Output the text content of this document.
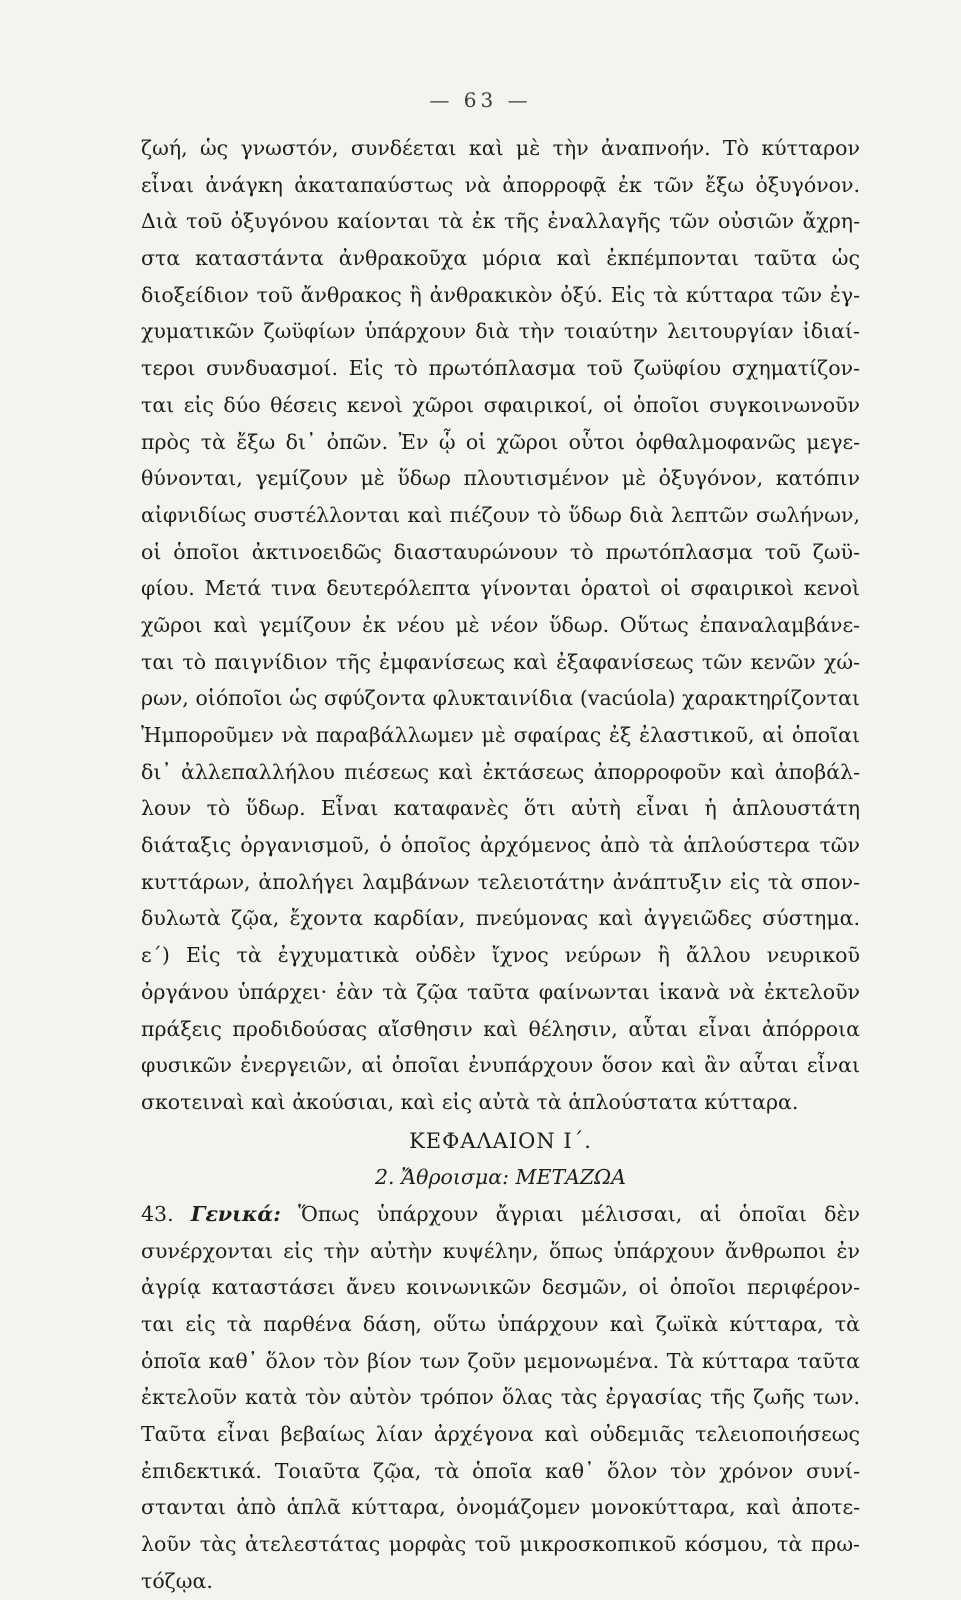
— 63 —
ζωή, ὡς γνωστόν, συνδέεται καὶ μὲ τὴν ἀναπνοήν. Τὸ κύτταρον
εἶναι ἀνάγκη ἀκαταπαύστως νὰ ἀπορροφᾷ ἐκ τῶν ἔξω ὀξυγόνον.
Διὰ τοῦ ὀξυγόνου καίονται τὰ ἐκ τῆς ἐναλλαγῆς τῶν οὐσιῶν ἄχρη-
στα καταστάντα ἀνθρακοῦχα μόρια καὶ ἐκπέμπονται ταῦτα ὡς
διοξείδιον τοῦ ἄνθρακος ἢ ἀνθρακικὸν ὀξύ. Εἰς τὰ κύτταρα τῶν ἐγ-
χυματικῶν ζωϋφίων ὑπάρχουν διὰ τὴν τοιαύτην λειτουργίαν ἰδιαί-
τεροι συνδυασμοί. Εἰς τὸ πρωτόπλασμα τοῦ ζωϋφίου σχηματίζον-
ται εἰς δύο θέσεις κενοὶ χῶροι σφαιρικοί, οἱ ὁποῖοι συγκοινωνοῦν
πρὸς τὰ ἔξω δι᾽ ὀπῶν. Ἐν ᾧ οἱ χῶροι οὗτοι ὀφθαλμοφανῶς μεγε-
θύνονται, γεμίζουν μὲ ὕδωρ πλουτισμένον μὲ ὀξυγόνον, κατόπιν
αἰφνιδίως συστέλλονται καὶ πιέζουν τὸ ὕδωρ διὰ λεπτῶν σωλήνων,
οἱ ὁποῖοι ἀκτινοειδῶς διασταυρώνουν τὸ πρωτόπλασμα τοῦ ζωϋ-
φίου. Μετά τινα δευτερόλεπτα γίνονται ὁρατοὶ οἱ σφαιρικοὶ κενοὶ
χῶροι καὶ γεμίζουν ἐκ νέου μὲ νέον ὕδωρ. Οὕτως ἐπαναλαμβάνε-
ται τὸ παιγνίδιον τῆς ἐμφανίσεως καὶ ἐξαφανίσεως τῶν κενῶν χώ-
ρων, οἱόποῖοι ὡς σφύζοντα φλυκταινίδια (vacúola) χαρακτηρίζονται
Ἠμποροῦμεν νὰ παραβάλλωμεν μὲ σφαίρας ἐξ ἐλαστικοῦ, αἱ ὁποῖαι
δι᾽ ἀλλεπαλλήλου πιέσεως καὶ ἐκτάσεως ἀπορροφοῦν καὶ ἀποβάλ-
λουν τὸ ὕδωρ. Εἶναι καταφανὲς ὅτι αὐτὴ εἶναι ἡ ἁπλουστάτη
διάταξις ὀργανισμοῦ, ὁ ὁποῖος ἀρχόμενος ἀπὸ τὰ ἁπλούστερα τῶν
κυττάρων, ἀπολήγει λαμβάνων τελειοτάτην ἀνάπτυξιν εἰς τὰ σπον-
δυλωτὰ ζῷα, ἔχοντα καρδίαν, πνεύμονας καὶ ἀγγειῶδες σύστημα.
ε΄) Εἰς τὰ ἐγχυματικὰ οὐδὲν ἴχνος νεύρων ἢ ἄλλου νευρικοῦ
ὀργάνου ὑπάρχει· ἐὰν τὰ ζῷα ταῦτα φαίνωνται ἱκανὰ νὰ ἐκτελοῦν
πράξεις προδιδούσας αἴσθησιν καὶ θέλησιν, αὗται εἶναι ἀπόρροια
φυσικῶν ἐνεργειῶν, αἱ ὁποῖαι ἐνυπάρχουν ὅσον καὶ ἂν αὗται εἶναι
σκοτειναὶ καὶ ἀκούσιαι, καὶ εἰς αὐτὰ τὰ ἁπλούστατα κύτταρα.
ΚΕΦΑΛΑΙΟΝ Ι΄.
2. Ἄθροισμα: ΜΕΤΑΖΩΑ
43. Γενικά: Ὅπως ὑπάρχουν ἄγριαι μέλισσαι, αἱ ὁποῖαι δὲν
συνέρχονται εἰς τὴν αὐτὴν κυψέλην, ὅπως ὑπάρχουν ἄνθρωποι ἐν
ἀγρίᾳ καταστάσει ἄνευ κοινωνικῶν δεσμῶν, οἱ ὁποῖοι περιφέρον-
ται εἰς τὰ παρθένα δάση, οὕτω ὑπάρχουν καὶ ζωϊκὰ κύτταρα, τὰ
ὁποῖα καθ᾽ ὅλον τὸν βίον των ζοῦν μεμονωμένα. Τὰ κύτταρα ταῦτα
ἐκτελοῦν κατὰ τὸν αὐτὸν τρόπον ὅλας τὰς ἐργασίας τῆς ζωῆς των.
Ταῦτα εἶναι βεβαίως λίαν ἀρχέγονα καὶ οὐδεμιᾶς τελειοποιήσεως
ἐπιδεκτικά. Τοιαῦτα ζῷα, τὰ ὁποῖα καθ᾽ ὅλον τὸν χρόνον συνί-
στανται ἀπὸ ἁπλᾶ κύτταρα, ὀνομάζομεν μονοκύτταρα, καὶ ἀποτε-
λοῦν τὰς ἀτελεστάτας μορφὰς τοῦ μικροσκοπικοῦ κόσμου, τὰ πρω-
τόζῳα.
